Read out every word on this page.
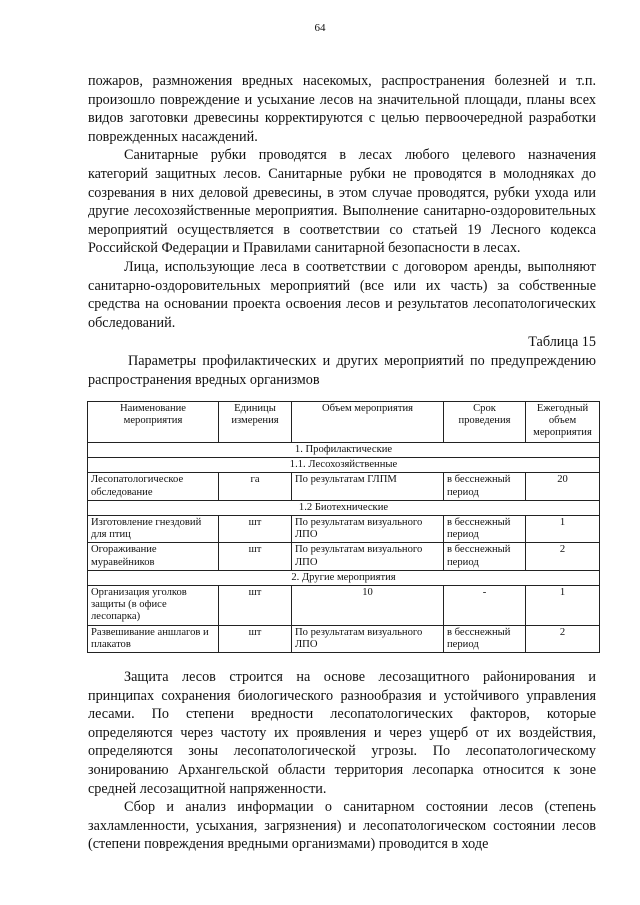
64

пожаров, размножения вредных насекомых, распространения болезней и т.п. произошло повреждение и усыхание лесов на значительной площади, планы всех видов заготовки древесины корректируются с целью первоочередной разработки поврежденных насаждений.

Санитарные рубки проводятся в лесах любого целевого назначения категорий защитных лесов. Санитарные рубки не проводятся в молодняках до созревания в них деловой древесины, в этом случае проводятся, рубки ухода или другие лесохозяйственные мероприятия. Выполнение санитарно-оздоровительных мероприятий осуществляется в соответствии со статьей 19 Лесного кодекса Российской Федерации и Правилами санитарной безопасности в лесах.

Лица, использующие леса в соответствии с договором аренды, выполняют санитарно-оздоровительных мероприятий (все или их часть) за собственные средства на основании проекта освоения лесов и результатов лесопатологических обследований.

Таблица 15
Параметры профилактических и других мероприятий по предупреждению распространения вредных организмов
Наименование мероприятия	Единицы измерения	Объем мероприятия	Срок проведения	Ежегодный объем мероприятия
1. Профилактические				
1.1. Лесохозяйственные				
Лесопатологическое обследование	га	По результатам ГЛПМ	в бесснежный период	20
1.2 Биотехнические				
Изготовление гнездовий для птиц	шт	По результатам визуального ЛПО	в бесснежный период	1
Огораживание муравейников	шт	По результатам визуального ЛПО	в бесснежный период	2
2. Другие мероприятия				
Организация уголков защиты (в офисе лесопарка)	шт	10	-	1
Развешивание аншлагов и плакатов	шт	По результатам визуального ЛПО	в бесснежный период	2

Защита лесов строится на основе лесозащитного районирования и принципах сохранения биологического разнообразия и устойчивого управления лесами. По степени вредности лесопатологических факторов, которые определяются через частоту их проявления и через ущерб от их воздействия, определяются зоны лесопатологической угрозы. По лесопатологическому зонированию Архангельской области территория лесопарка относится к зоне средней лесозащитной напряженности.

Сбор и анализ информации о санитарном состоянии лесов (степень захламленности, усыхания, загрязнения) и лесопатологическом состоянии лесов (степени повреждения вредными организмами) проводится в ходе
